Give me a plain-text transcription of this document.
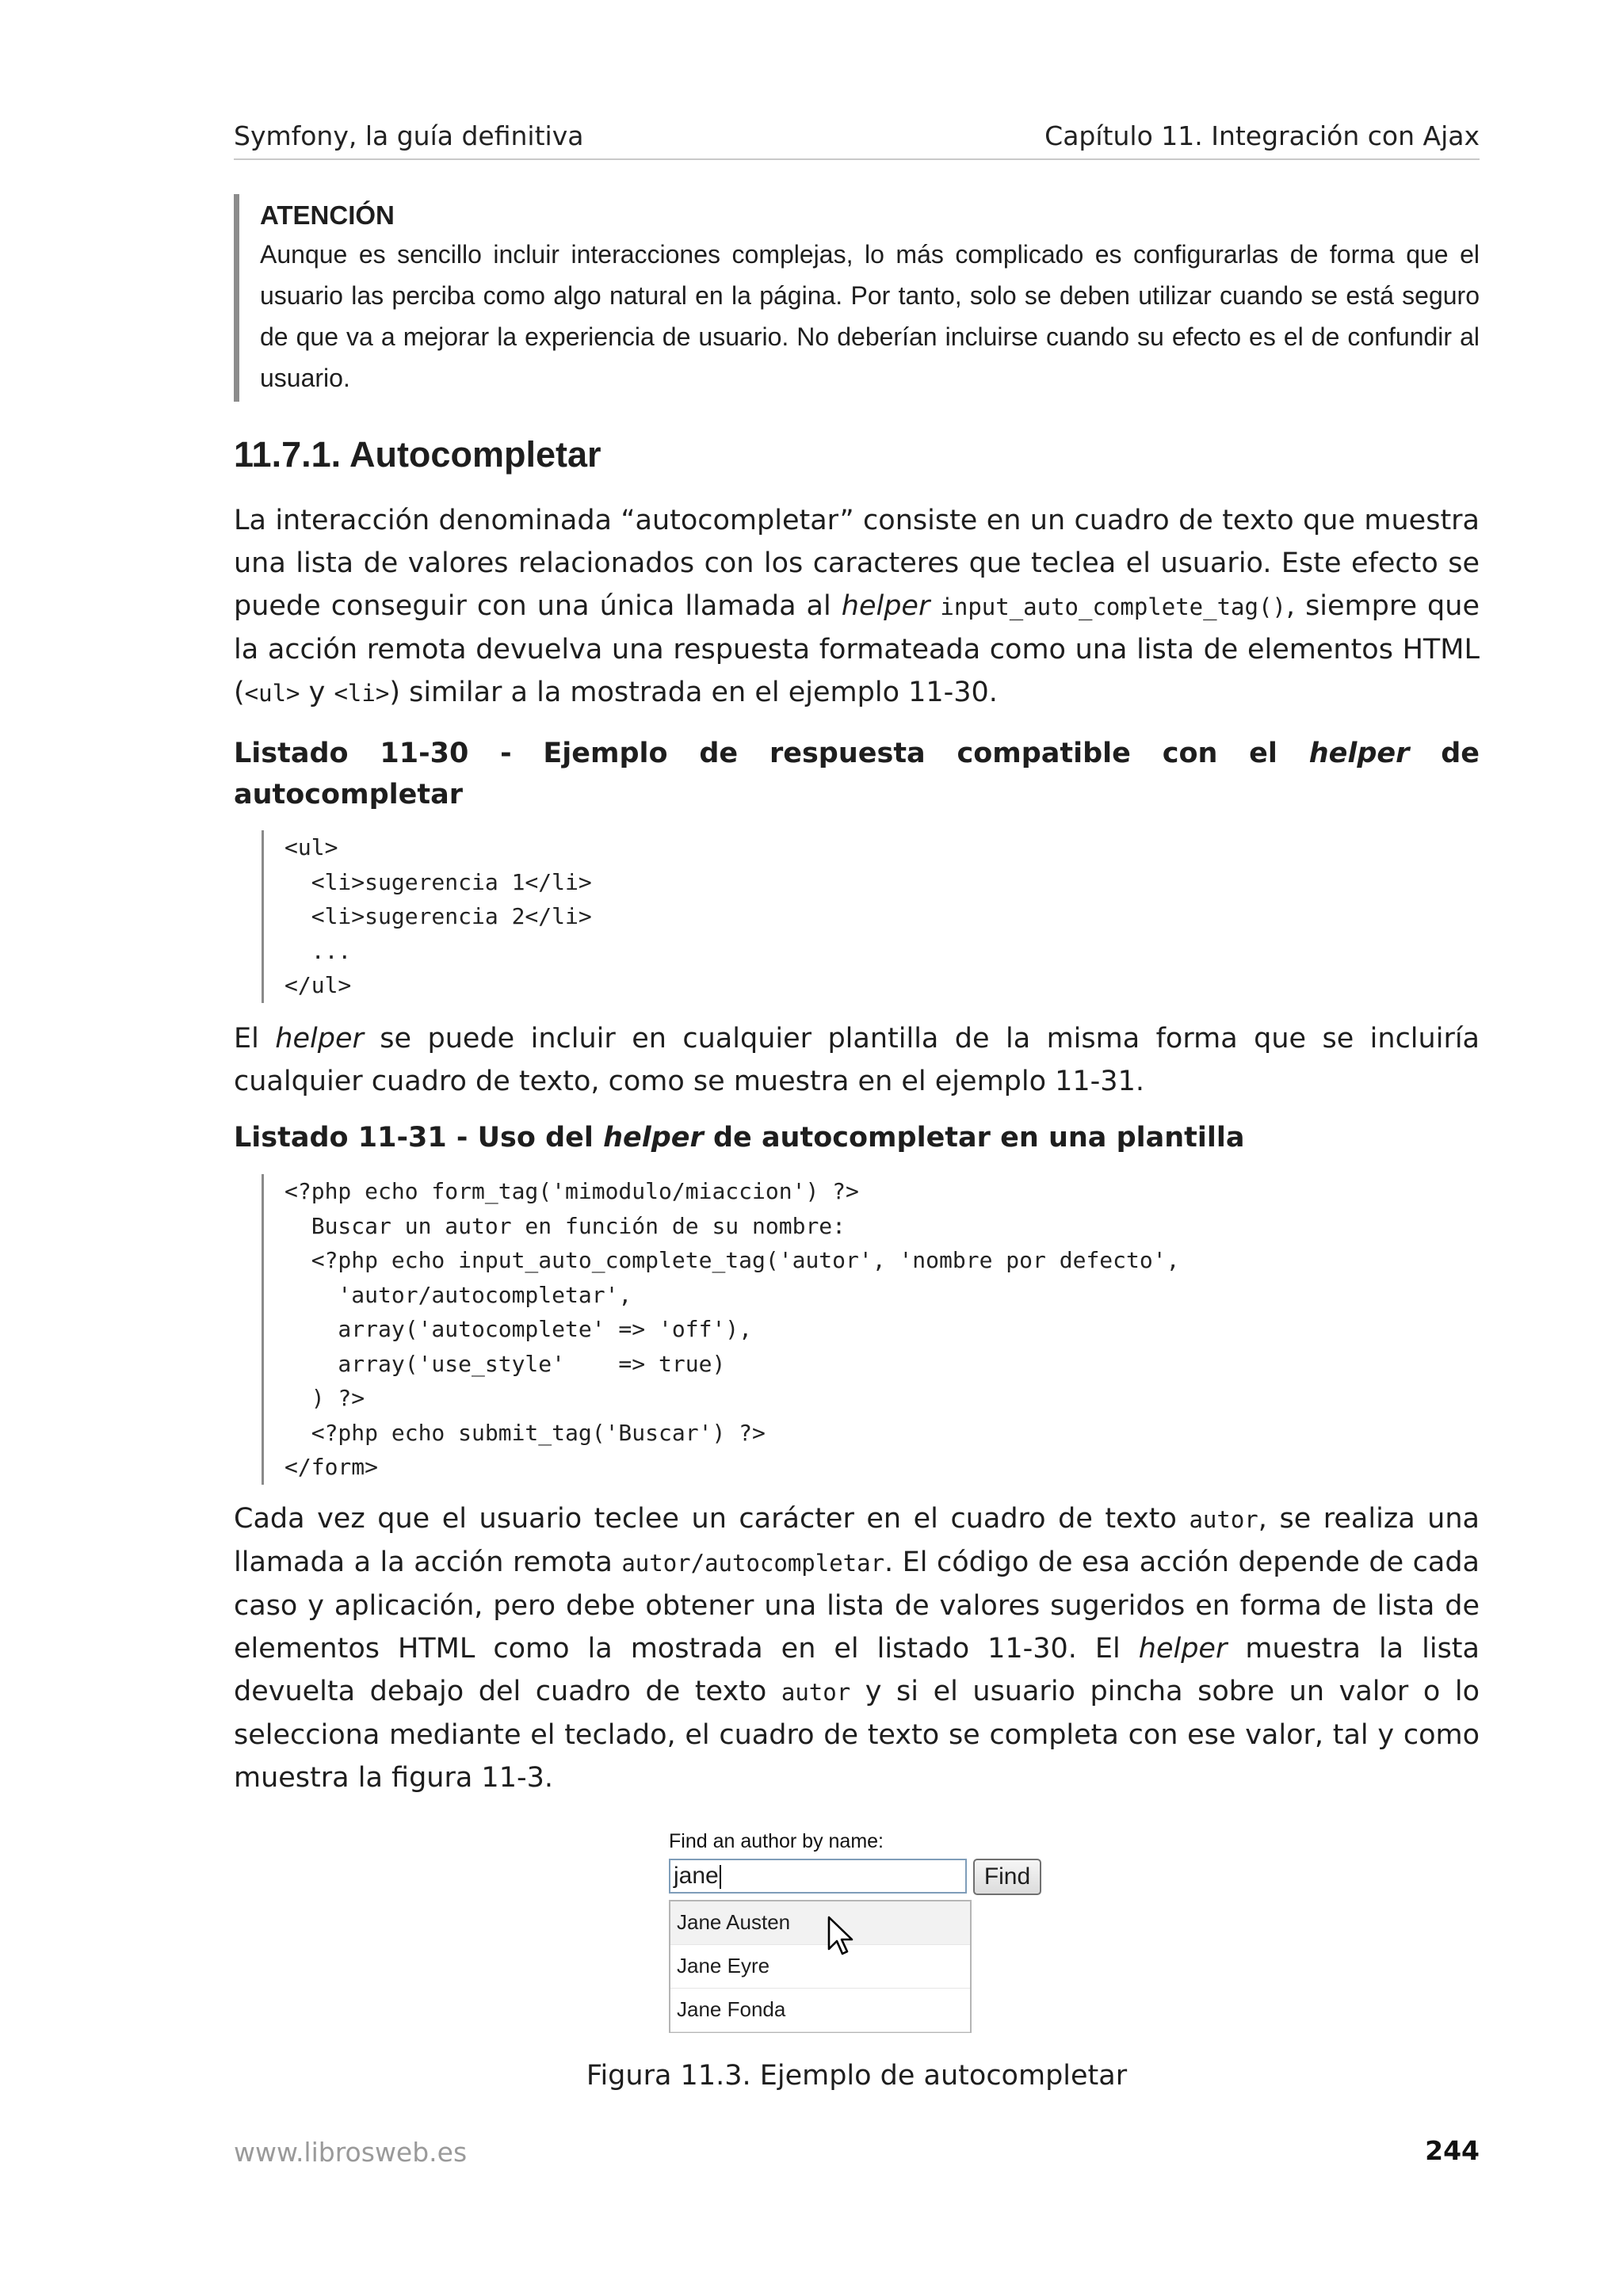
Symfony, la guía definitiva	Capítulo 11. Integración con Ajax
ATENCIÓN

Aunque es sencillo incluir interacciones complejas, lo más complicado es configurarlas de forma que el usuario las perciba como algo natural en la página. Por tanto, solo se deben utilizar cuando se está seguro de que va a mejorar la experiencia de usuario. No deberían incluirse cuando su efecto es el de confundir al usuario.

11.7.1. Autocompletar

La interacción denominada “autocompletar” consiste en un cuadro de texto que muestra una lista de valores relacionados con los caracteres que teclea el usuario. Este efecto se puede conseguir con una única llamada al helper input_auto_complete_tag(), siempre que la acción remota devuelva una respuesta formateada como una lista de elementos HTML (<ul> y <li>) similar a la mostrada en el ejemplo 11-30.

Listado 11-30 - Ejemplo de respuesta compatible con el helper de autocompletar

<ul>
<li>sugerencia 1</li>
<li>sugerencia 2</li>
...
</ul>

El helper se puede incluir en cualquier plantilla de la misma forma que se incluiría cualquier cuadro de texto, como se muestra en el ejemplo 11-31.

Listado 11-31 - Uso del helper de autocompletar en una plantilla

<?php echo form_tag('mimodulo/miaccion') ?>
Buscar un autor en función de su nombre:
<?php echo input_auto_complete_tag('autor', 'nombre por defecto',
'autor/autocompletar',
array('autocomplete' => 'off'),
array('use_style'    => true)
) ?>
<?php echo submit_tag('Buscar') ?>
</form>

Cada vez que el usuario teclee un carácter en el cuadro de texto autor, se realiza una llamada a la acción remota autor/autocompletar. El código de esa acción depende de cada caso y aplicación, pero debe obtener una lista de valores sugeridos en forma de lista de elementos HTML como la mostrada en el listado 11-30. El helper muestra la lista devuelta debajo del cuadro de texto autor y si el usuario pincha sobre un valor o lo selecciona mediante el teclado, el cuadro de texto se completa con ese valor, tal y como muestra la figura 11-3.

Find an author by name:
jane	Find
Jane Austen
Jane Eyre
Jane Fonda

Figura 11.3. Ejemplo de autocompletar

www.librosweb.es	244
